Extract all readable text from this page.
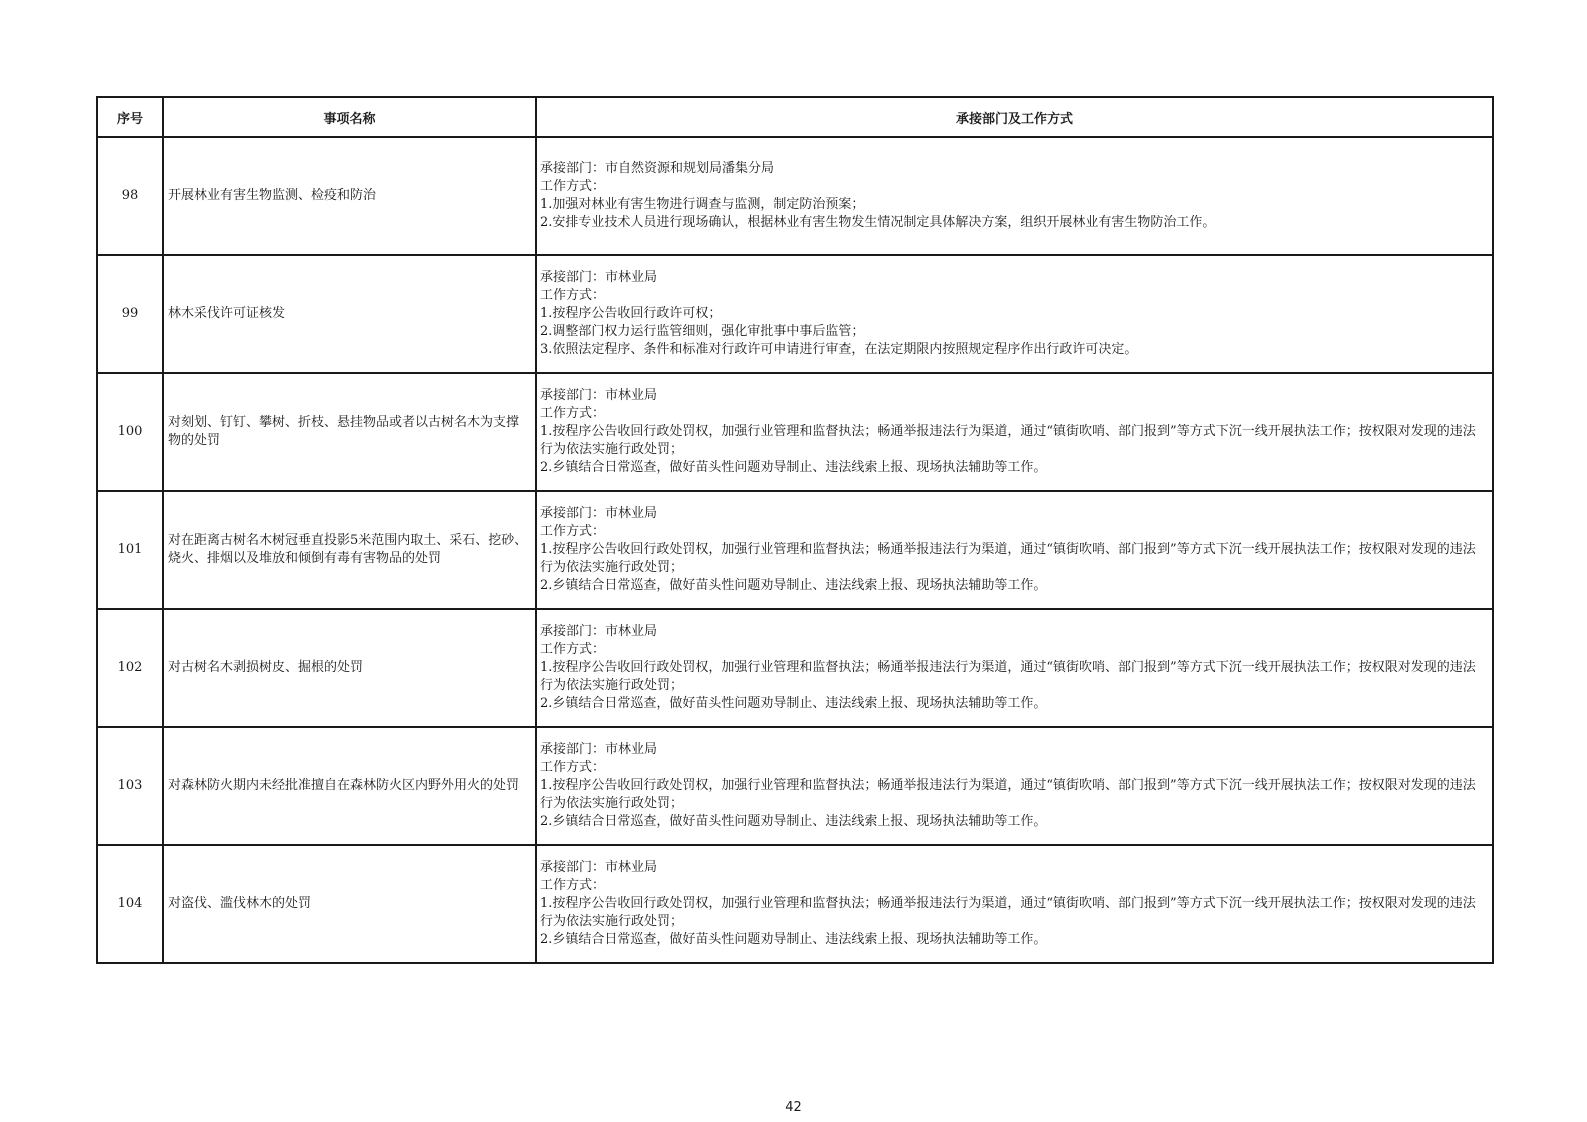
序号	事项名称	承接部门及工作方式
98	开展林业有害生物监测、检疫和防治	承接部门：市自然资源和规划局潘集分局
工作方式：
1.加强对林业有害生物进行调查与监测，制定防治预案；
2.安排专业技术人员进行现场确认，根据林业有害生物发生情况制定具体解决方案，组织开展林业有害生物防治工作。

99	林木采伐许可证核发	承接部门：市林业局
工作方式：
1.按程序公告收回行政许可权；
2.调整部门权力运行监管细则，强化审批事中事后监管；
3.依照法定程序、条件和标准对行政许可申请进行审查，在法定期限内按照规定程序作出行政许可决定。

100	对刻划、钉钉、攀树、折枝、悬挂物品或者以古树名木为支撑物的处罚	承接部门：市林业局
工作方式：
1.按程序公告收回行政处罚权，加强行业管理和监督执法；畅通举报违法行为渠道，通过“镇街吹哨、部门报到”等方式下沉一线开展执法工作；按权限对发现的违法行为依法实施行政处罚；
2.乡镇结合日常巡查，做好苗头性问题劝导制止、违法线索上报、现场执法辅助等工作。

101	对在距离古树名木树冠垂直投影5米范围内取土、采石、挖砂、烧火、排烟以及堆放和倾倒有毒有害物品的处罚	承接部门：市林业局
工作方式：
1.按程序公告收回行政处罚权，加强行业管理和监督执法；畅通举报违法行为渠道，通过“镇街吹哨、部门报到”等方式下沉一线开展执法工作；按权限对发现的违法行为依法实施行政处罚；
2.乡镇结合日常巡查，做好苗头性问题劝导制止、违法线索上报、现场执法辅助等工作。

102	对古树名木剥损树皮、掘根的处罚	承接部门：市林业局
工作方式：
1.按程序公告收回行政处罚权，加强行业管理和监督执法；畅通举报违法行为渠道，通过“镇街吹哨、部门报到”等方式下沉一线开展执法工作；按权限对发现的违法行为依法实施行政处罚；
2.乡镇结合日常巡查，做好苗头性问题劝导制止、违法线索上报、现场执法辅助等工作。

103	对森林防火期内未经批准擅自在森林防火区内野外用火的处罚	承接部门：市林业局
工作方式：
1.按程序公告收回行政处罚权，加强行业管理和监督执法；畅通举报违法行为渠道，通过“镇街吹哨、部门报到”等方式下沉一线开展执法工作；按权限对发现的违法行为依法实施行政处罚；
2.乡镇结合日常巡查，做好苗头性问题劝导制止、违法线索上报、现场执法辅助等工作。

104	对盗伐、滥伐林木的处罚	承接部门：市林业局
工作方式：
1.按程序公告收回行政处罚权，加强行业管理和监督执法；畅通举报违法行为渠道，通过“镇街吹哨、部门报到”等方式下沉一线开展执法工作；按权限对发现的违法行为依法实施行政处罚；
2.乡镇结合日常巡查，做好苗头性问题劝导制止、违法线索上报、现场执法辅助等工作。
42
